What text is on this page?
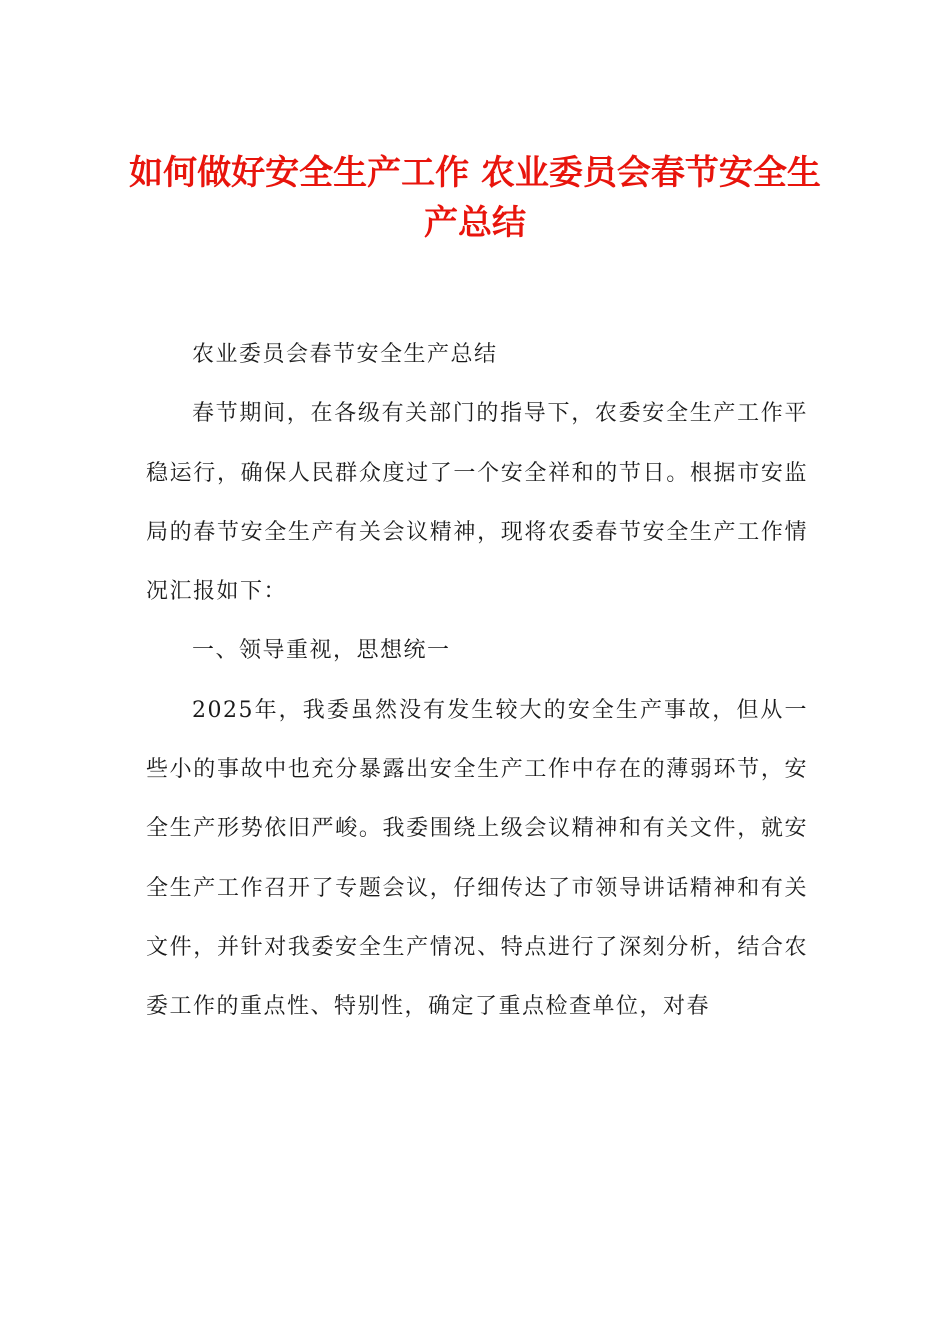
如何做好安全生产工作 农业委员会春节安全生产总结

农业委员会春节安全生产总结

春节期间，在各级有关部门的指导下，农委安全生产工作平稳运行，确保人民群众度过了一个安全祥和的节日。根据市安监局的春节安全生产有关会议精神，现将农委春节安全生产工作情况汇报如下：

一、领导重视，思想统一

2025年，我委虽然没有发生较大的安全生产事故，但从一些小的事故中也充分暴露出安全生产工作中存在的薄弱环节，安全生产形势依旧严峻。我委围绕上级会议精神和有关文件，就安全生产工作召开了专题会议，仔细传达了市领导讲话精神和有关文件，并针对我委安全生产情况、特点进行了深刻分析，结合农委工作的重点性、特别性，确定了重点检查单位，对春
